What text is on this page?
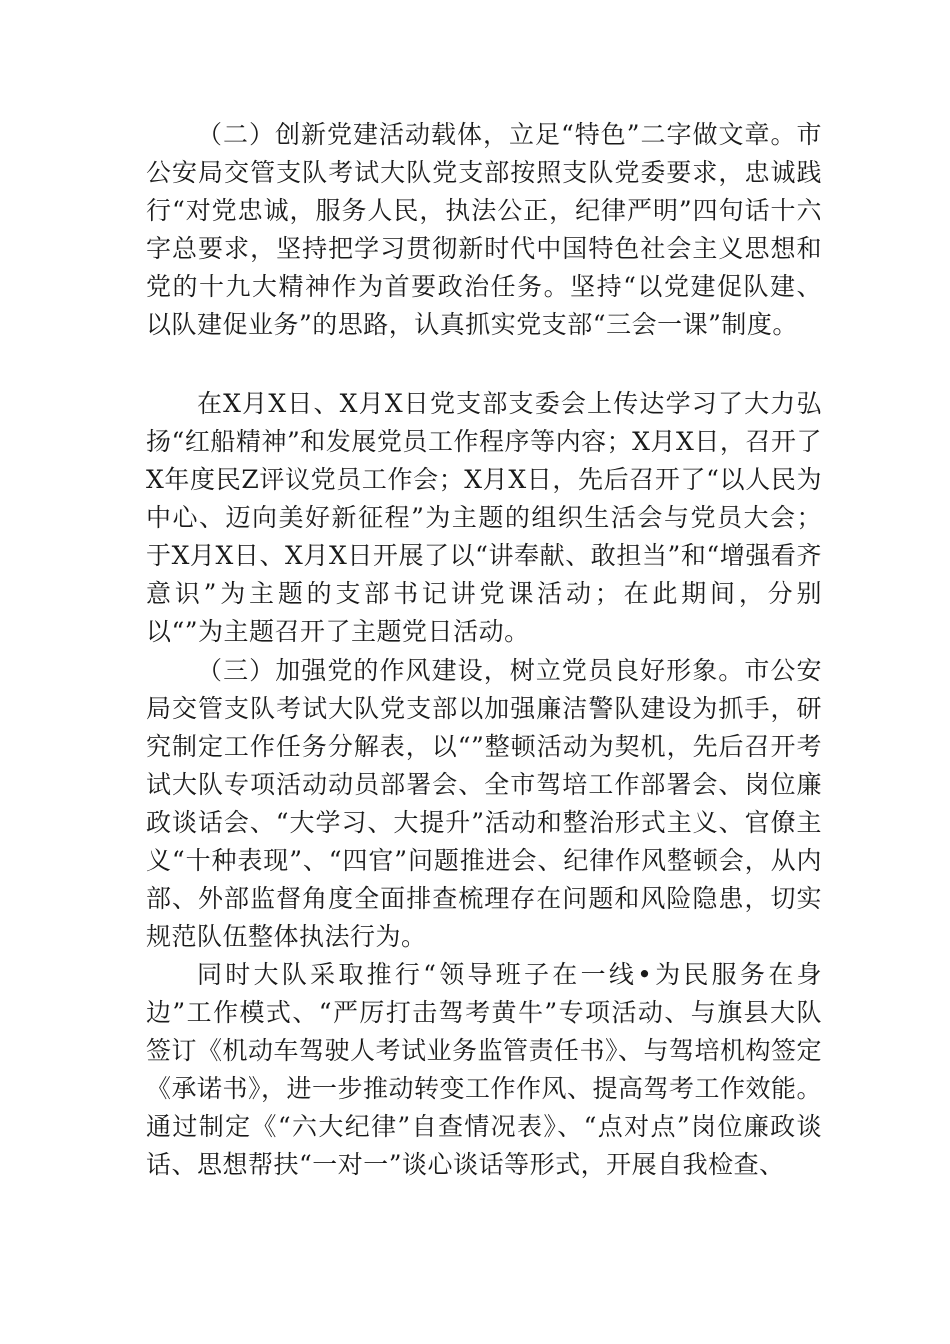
（二）创新党建活动载体，立足“特色”二字做文章。市公安局交管支队考试大队党支部按照支队党委要求，忠诚践行“对党忠诚，服务人民，执法公正，纪律严明”四句话十六字总要求，坚持把学习贯彻新时代中国特色社会主义思想和党的十九大精神作为首要政治任务。坚持“以党建促队建、以队建促业务”的思路，认真抓实党支部“三会一课”制度。

在X月X日、X月X日党支部支委会上传达学习了大力弘扬“红船精神”和发展党员工作程序等内容；X月X日，召开了X年度民Z评议党员工作会；X月X日，先后召开了“以人民为中心、迈向美好新征程”为主题的组织生活会与党员大会；于X月X日、X月X日开展了以“讲奉献、敢担当”和“增强看齐意识”为主题的支部书记讲党课活动；在此期间，分别以“”为主题召开了主题党日活动。

（三）加强党的作风建设，树立党员良好形象。市公安局交管支队考试大队党支部以加强廉洁警队建设为抓手，研究制定工作任务分解表，以“”整顿活动为契机，先后召开考试大队专项活动动员部署会、全市驾培工作部署会、岗位廉政谈话会、“大学习、大提升”活动和整治形式主义、官僚主义“十种表现”、“四官”问题推进会、纪律作风整顿会，从内部、外部监督角度全面排查梳理存在问题和风险隐患，切实规范队伍整体执法行为。

同时大队采取推行“领导班子在一线•为民服务在身边”工作模式、“严厉打击驾考黄牛”专项活动、与旗县大队签订《机动车驾驶人考试业务监管责任书》、与驾培机构签定《承诺书》，进一步推动转变工作作风、提高驾考工作效能。通过制定《“六大纪律”自查情况表》、“点对点”岗位廉政谈话、思想帮扶“一对一”谈心谈话等形式，开展自我检查、
